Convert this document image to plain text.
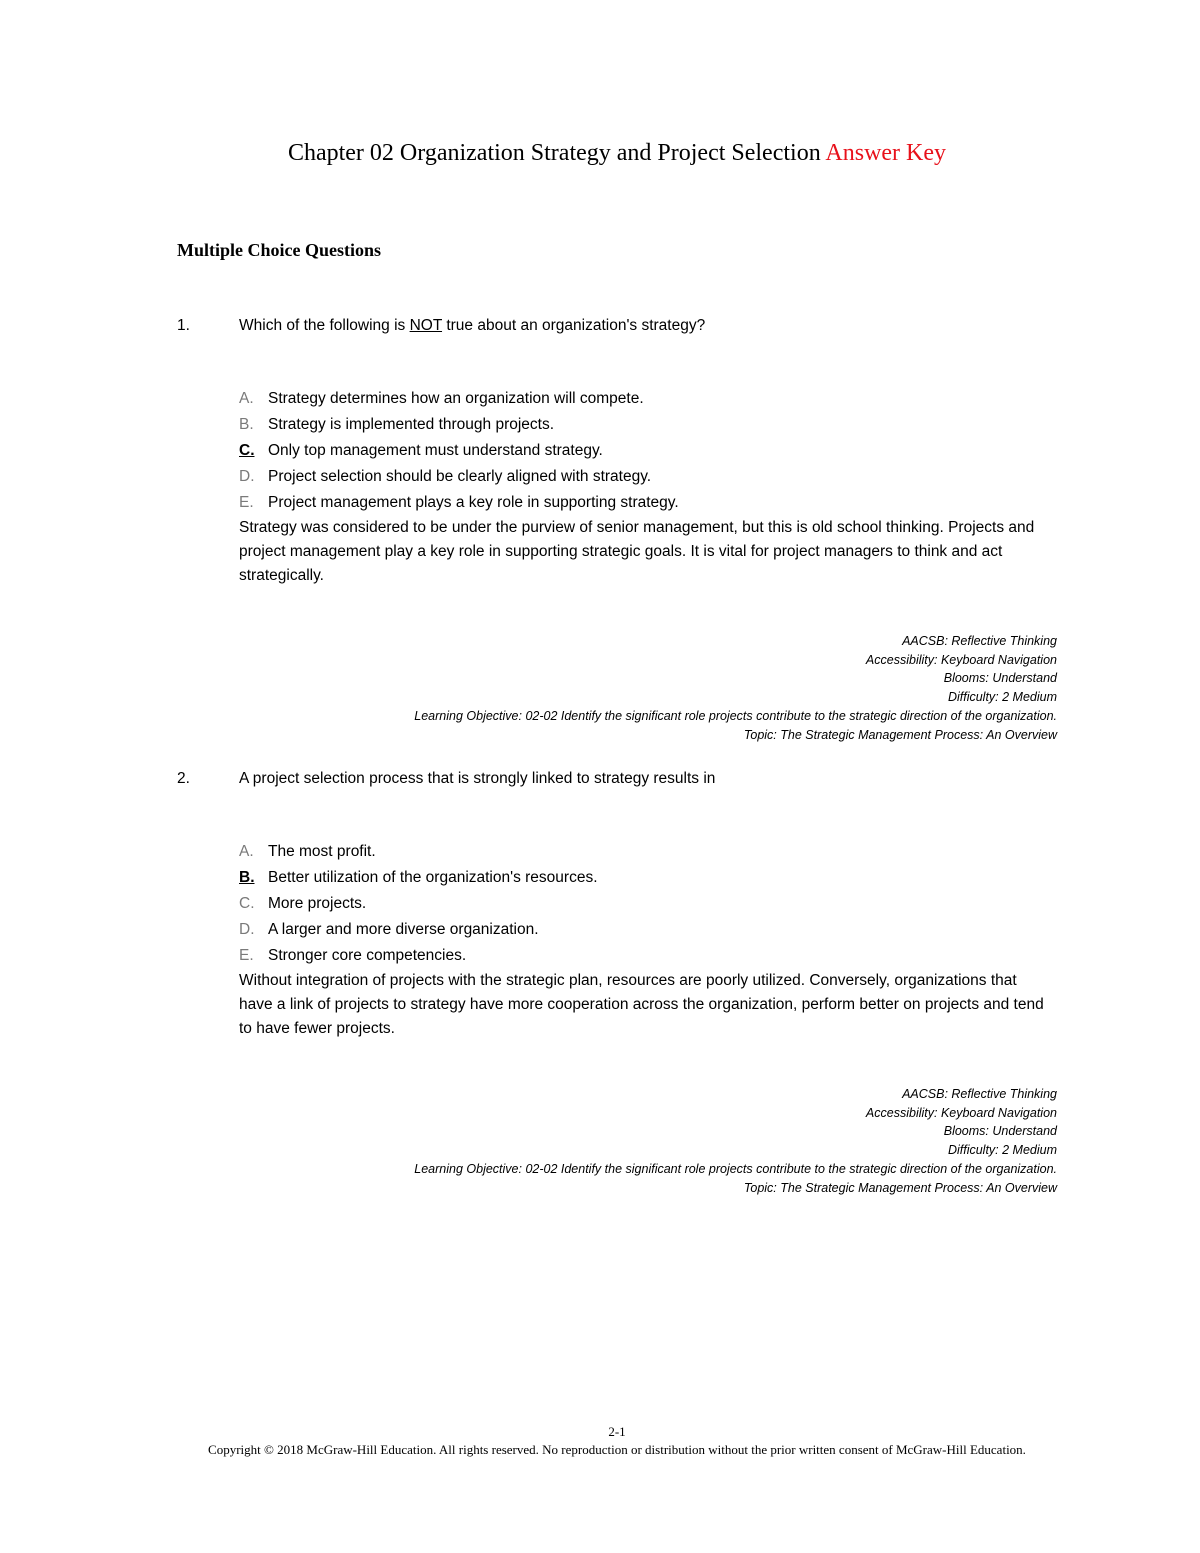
Chapter 02 Organization Strategy and Project Selection Answer Key
Multiple Choice Questions
1.	Which of the following is NOT true about an organization's strategy?
A. Strategy determines how an organization will compete.
B. Strategy is implemented through projects.
C. Only top management must understand strategy.
D. Project selection should be clearly aligned with strategy.
E. Project management plays a key role in supporting strategy.
Strategy was considered to be under the purview of senior management, but this is old school thinking. Projects and project management play a key role in supporting strategic goals. It is vital for project managers to think and act strategically.
AACSB: Reflective Thinking
Accessibility: Keyboard Navigation
Blooms: Understand
Difficulty: 2 Medium
Learning Objective: 02-02 Identify the significant role projects contribute to the strategic direction of the organization.
Topic: The Strategic Management Process: An Overview
2.	A project selection process that is strongly linked to strategy results in
A. The most profit.
B. Better utilization of the organization's resources.
C. More projects.
D. A larger and more diverse organization.
E. Stronger core competencies.
Without integration of projects with the strategic plan, resources are poorly utilized. Conversely, organizations that have a link of projects to strategy have more cooperation across the organization, perform better on projects and tend to have fewer projects.
AACSB: Reflective Thinking
Accessibility: Keyboard Navigation
Blooms: Understand
Difficulty: 2 Medium
Learning Objective: 02-02 Identify the significant role projects contribute to the strategic direction of the organization.
Topic: The Strategic Management Process: An Overview
2-1
Copyright © 2018 McGraw-Hill Education. All rights reserved. No reproduction or distribution without the prior written consent of McGraw-Hill Education.
